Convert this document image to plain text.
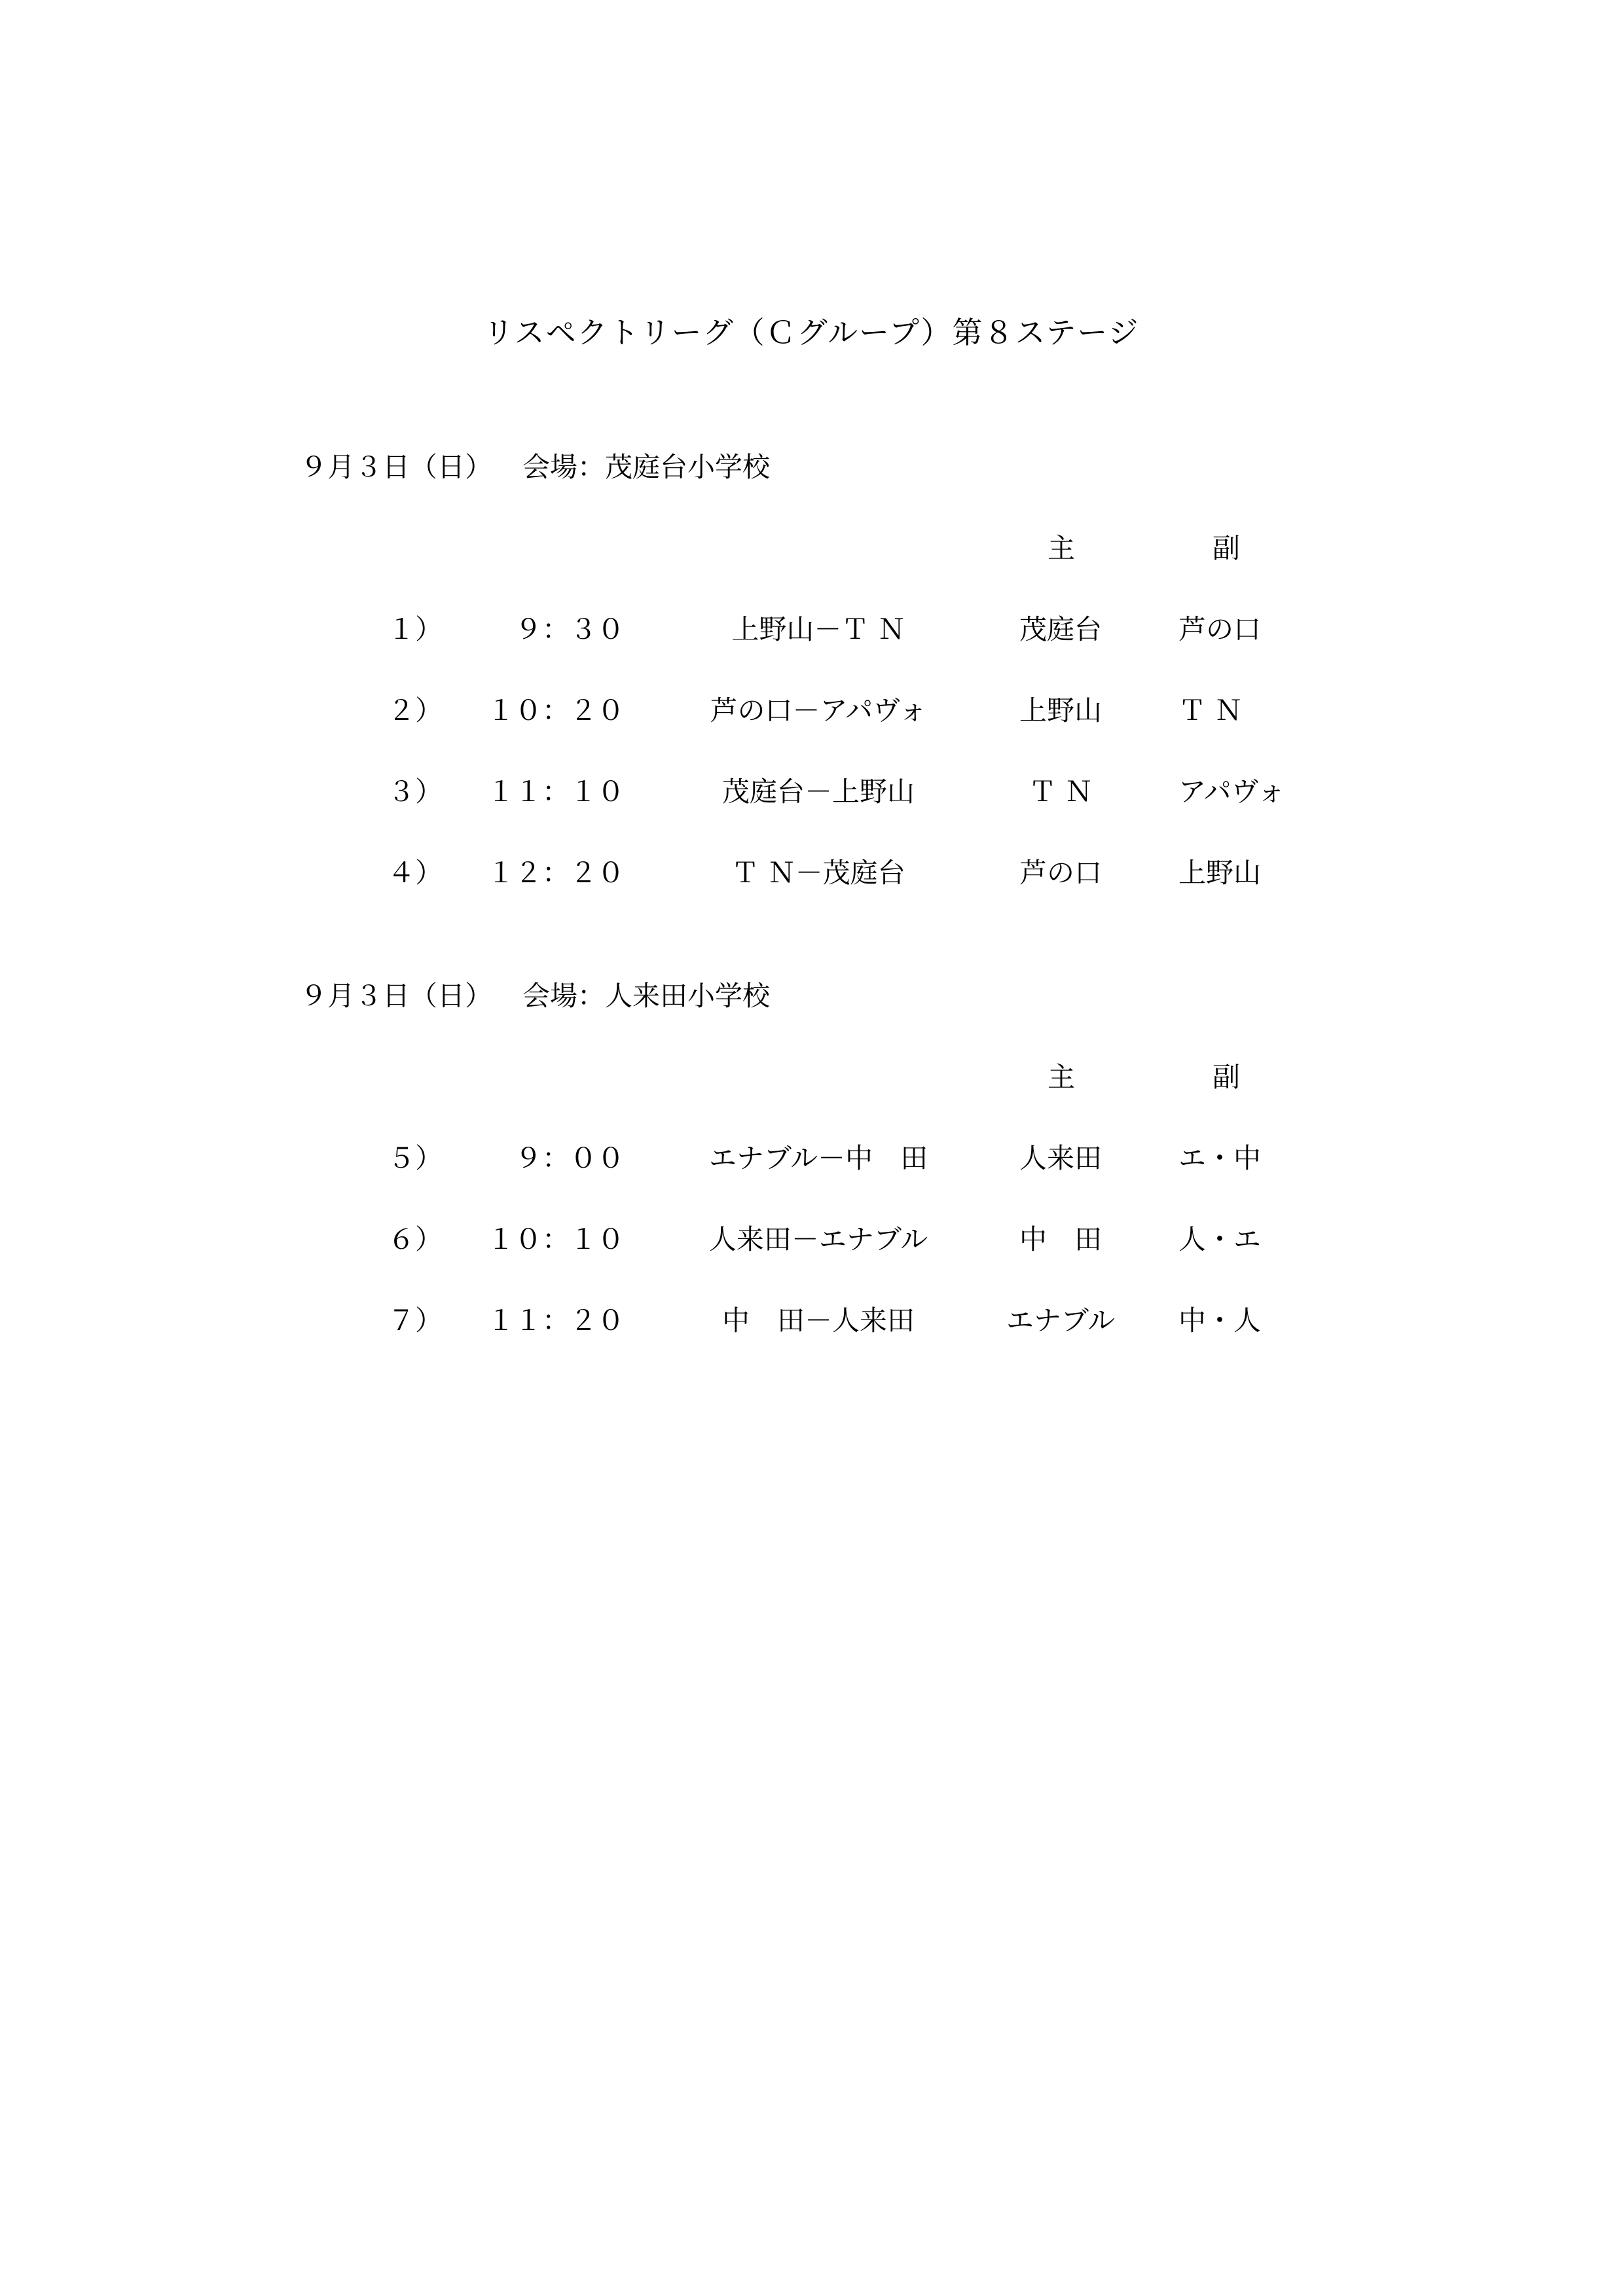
リスペクトリーグ（Ｃグループ）第８ステージ
９月３日（日） 会場：茂庭台小学校
主	副
１）	９：３０	上野山－Ｔ Ｎ	茂庭台	芦の口
２）	１０：２０	芦の口－アパヴォ	上野山	Ｔ Ｎ
３）	１１：１０	茂庭台－上野山	Ｔ Ｎ	アパヴォ
４）	１２：２０	Ｔ Ｎ－茂庭台	芦の口	上野山
９月３日（日） 会場：人来田小学校
主	副
５）	９：００	エナブル－中　田	人来田	エ・中
６）	１０：１０	人来田－エナブル	中　田	人・エ
７）	１１：２０	中　田－人来田	エナブル	中・人
